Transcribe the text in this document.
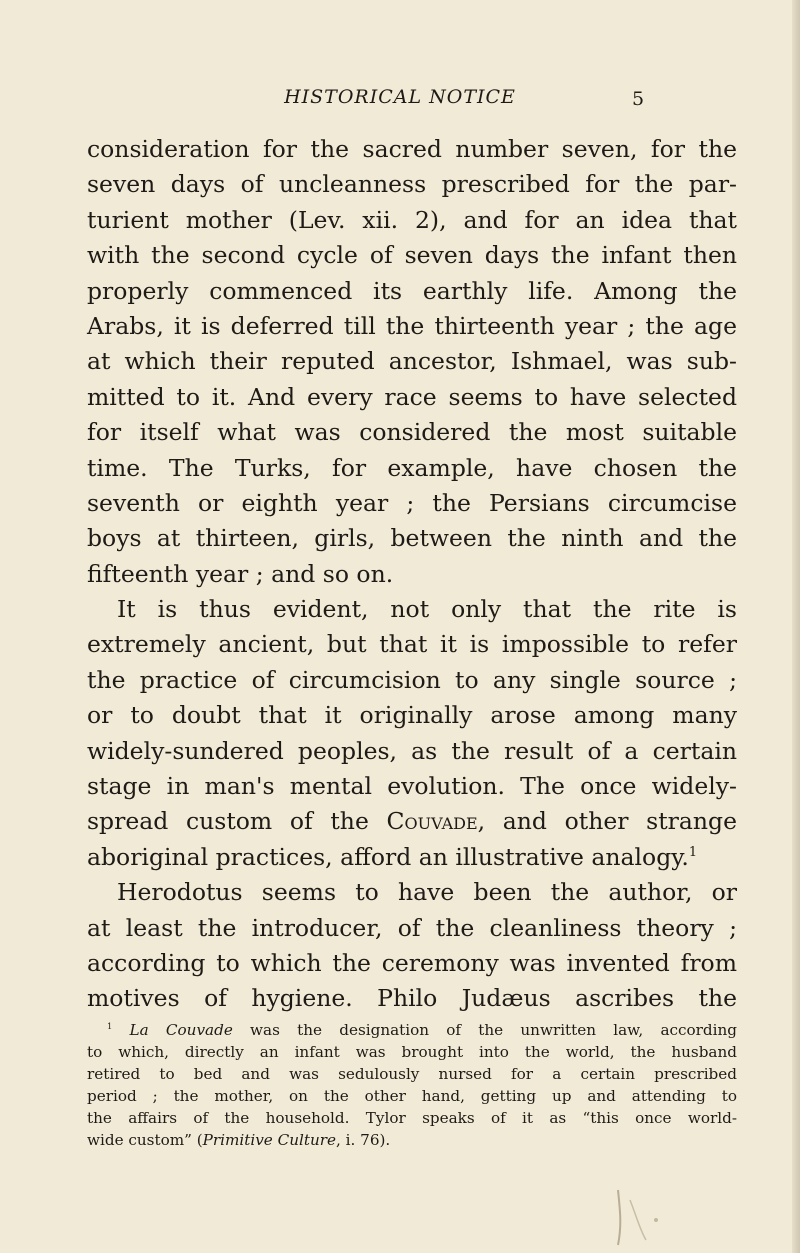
HISTORICAL NOTICE	5
consideration for the sacred number seven, for the
seven days of uncleanness prescribed for the par-
turient mother (Lev. xii. 2), and for an idea that
with the second cycle of seven days the infant then
properly commenced its earthly life. Among the
Arabs, it is deferred till the thirteenth year ; the age
at which their reputed ancestor, Ishmael, was sub-
mitted to it. And every race seems to have selected
for itself what was considered the most suitable
time. The Turks, for example, have chosen the
seventh or eighth year ; the Persians circumcise
boys at thirteen, girls, between the ninth and the
fifteenth year ; and so on.
It is thus evident, not only that the rite is
extremely ancient, but that it is impossible to refer
the practice of circumcision to any single source ;
or to doubt that it originally arose among many
widely-sundered peoples, as the result of a certain
stage in man's mental evolution. The once widely-
spread custom of the Couvade, and other strange
aboriginal practices, afford an illustrative analogy.$^1$
Herodotus seems to have been the author, or
at least the introducer, of the cleanliness theory ;
according to which the ceremony was invented from
motives of hygiene. Philo Judæus ascribes the
$^1$ La Couvade was the designation of the unwritten law, according
to which, directly an infant was brought into the world, the husband
retired to bed and was sedulously nursed for a certain prescribed
period ; the mother, on the other hand, getting up and attending to
the affairs of the household. Tylor speaks of it as “this once world-
wide custom” (Primitive Culture, i. 76).
